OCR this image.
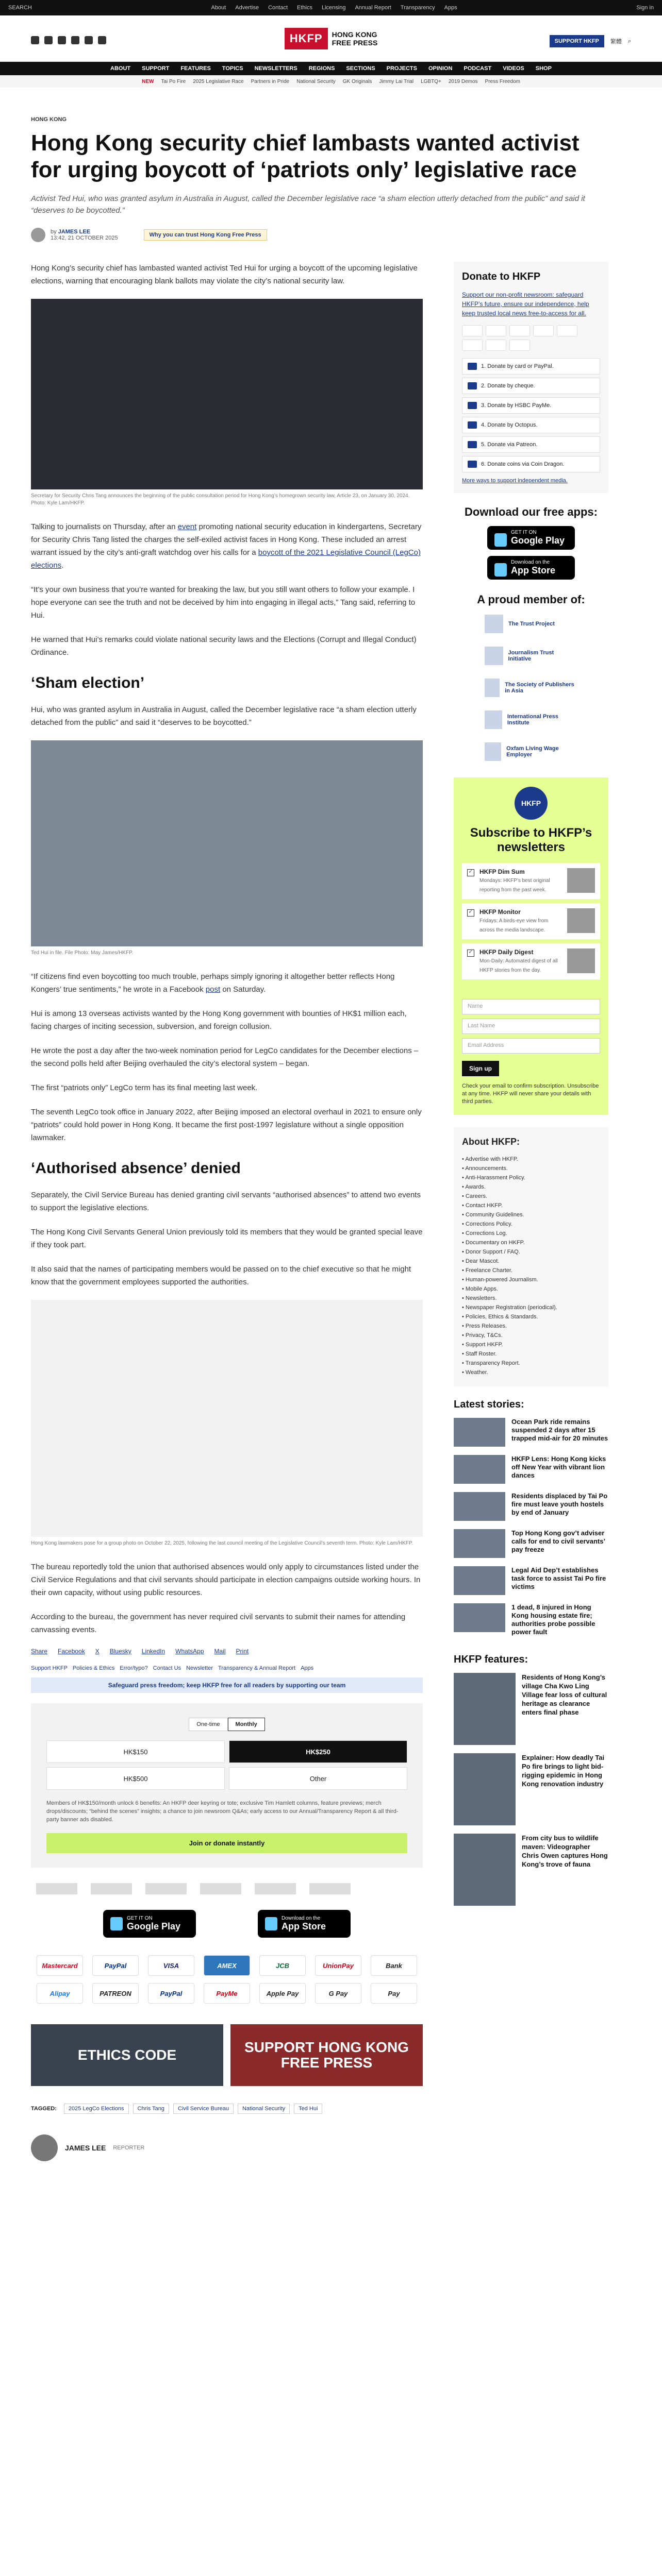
SEARCH	About Advertise Contact Ethics Licensing Annual Report Transparency Apps	Sign in
HKFP	HONG KONG
FREE PRESS	SUPPORT HKFP	繁體 ⌕
ABOUT SUPPORT FEATURES TOPICS NEWSLETTERS REGIONS SECTIONS PROJECTS OPINION PODCAST VIDEOS SHOP
NEW Tai Po Fire 2025 Legislative Race Partners in Pride National Security GK Originals Jimmy Lai Trial LGBTQ+ 2019 Demos Press Freedom
HONG KONG
Hong Kong security chief lambasts wanted activist for urging boycott of ‘patriots only’ legislative race
Activist Ted Hui, who was granted asylum in Australia in August, called the December legislative race “a sham election utterly detached from the public” and said it “deserves to be boycotted.”
by JAMES LEE
13:42, 21 OCTOBER 2025	Why you can trust Hong Kong Free Press

Hong Kong’s security chief has lambasted wanted activist Ted Hui for urging a boycott of the upcoming legislative elections, warning that encouraging blank ballots may violate the city’s national security law.

Secretary for Security Chris Tang announces the beginning of the public consultation period for Hong Kong’s homegrown security law, Article 23, on January 30, 2024. Photo: Kyle Lam/HKFP.

Talking to journalists on Thursday, after an event promoting national security education in kindergartens, Secretary for Security Chris Tang listed the charges the self-exiled activist faces in Hong Kong. These included an arrest warrant issued by the city’s anti-graft watchdog over his calls for a boycott of the 2021 Legislative Council (LegCo) elections.

“It’s your own business that you’re wanted for breaking the law, but you still want others to follow your example. I hope everyone can see the truth and not be deceived by him into engaging in illegal acts,” Tang said, referring to Hui.

He warned that Hui’s remarks could violate national security laws and the Elections (Corrupt and Illegal Conduct) Ordinance.

‘Sham election’

Hui, who was granted asylum in Australia in August, called the December legislative race “a sham election utterly detached from the public” and said it “deserves to be boycotted.”

Ted Hui in file. File Photo: May James/HKFP.

“If citizens find even boycotting too much trouble, perhaps simply ignoring it altogether better reflects Hong Kongers’ true sentiments,” he wrote in a Facebook post on Saturday.

Hui is among 13 overseas activists wanted by the Hong Kong government with bounties of HK$1 million each, facing charges of inciting secession, subversion, and foreign collusion.

He wrote the post a day after the two-week nomination period for LegCo candidates for the December elections – the second polls held after Beijing overhauled the city’s electoral system – began.

The first “patriots only” LegCo term has its final meeting last week.

The seventh LegCo took office in January 2022, after Beijing imposed an electoral overhaul in 2021 to ensure only “patriots” could hold power in Hong Kong. It became the first post-1997 legislature without a single opposition lawmaker.

‘Authorised absence’ denied

Separately, the Civil Service Bureau has denied granting civil servants “authorised absences” to attend two events to support the legislative elections.

The Hong Kong Civil Servants General Union previously told its members that they would be granted special leave if they took part.

It also said that the names of participating members would be passed on to the chief executive so that he might know that the government employees supported the authorities.

Hong Kong lawmakers pose for a group photo on October 22, 2025, following the last council meeting of the Legislative Council’s seventh term. Photo: Kyle Lam/HKFP.

The bureau reportedly told the union that authorised absences would only apply to circumstances listed under the Civil Service Regulations and that civil servants should participate in election campaigns outside working hours. In their own capacity, without using public resources.

According to the bureau, the government has never required civil servants to submit their names for attending canvassing events.

Share Facebook X Bluesky LinkedIn WhatsApp Mail Print
Support HKFP Policies & Ethics Error/typo? Contact Us Newsletter Transparency & Annual Report Apps
Safeguard press freedom; keep HKFP free for all readers by supporting our team
One-time	Monthly
HK$150	HK$250
HK$500	Other
Members of HK$150/month unlock 6 benefits: An HKFP deer keyring or tote; exclusive Tim Hamlett columns, feature previews; merch drops/discounts; “behind the scenes” insights; a chance to join newsroom Q&As; early access to our Annual/Transparency Report & all third-party banner ads disabled.
Join or donate instantly
GET IT ON
Google Play
Download on the
App Store
Mastercard	PayPal	VISA	AMEX	JCB	UnionPay	Bank
Alipay	PATREON	PayPal	PayMe	Apple Pay	G Pay	Pay
ETHICS CODE	SUPPORT HONG KONG FREE PRESS
TAGGED:	2025 LegCo Elections	Chris Tang	Civil Service Bureau	National Security	Ted Hui
JAMES LEE REPORTER
Donate to HKFP
Support our non-profit newsroom: safeguard HKFP’s future, ensure our independence, help keep trusted local news free-to-access for all.
1. Donate by card or PayPal.
2. Donate by cheque.
3. Donate by HSBC PayMe.
4. Donate by Octopus.
5. Donate via Patreon.
6. Donate coins via Coin Dragon.
More ways to support independent media.
Download our free apps:
GET IT ON
Google Play
Download on the
App Store
A proud member of:
The Trust Project
Journalism Trust Initiative
The Society of Publishers in Asia
International Press Institute
Oxfam Living Wage Employer
HKFP
Subscribe to HKFP’s newsletters
✓
HKFP Dim Sum
Mondays: HKFP’s best original reporting from the past week.
✓
HKFP Monitor
Fridays: A birds-eye view from across the media landscape.
✓
HKFP Daily Digest
Mon-Daily: Automated digest of all HKFP stories from the day.
Name
Last Name
Email Address
Sign up
Check your email to confirm subscription. Unsubscribe at any time. HKFP will never share your details with third parties.
About HKFP:
• Advertise with HKFP.
• Announcements.
• Anti-Harassment Policy.
• Awards.
• Careers.
• Contact HKFP.
• Community Guidelines.
• Corrections Policy.
• Corrections Log.
• Documentary on HKFP.
• Donor Support / FAQ.
• Dear Mascot.
• Freelance Charter.
• Human-powered Journalism.
• Mobile Apps.
• Newsletters.
• Newspaper Registration (periodical).
• Policies, Ethics & Standards.
• Press Releases.
• Privacy, T&Cs.
• Support HKFP.
• Staff Roster.
• Transparency Report.
• Weather.
Latest stories:
Ocean Park ride remains suspended 2 days after 15 trapped mid-air for 20 minutes
HKFP Lens: Hong Kong kicks off New Year with vibrant lion dances
Residents displaced by Tai Po fire must leave youth hostels by end of January
Top Hong Kong gov’t adviser calls for end to civil servants’ pay freeze
Legal Aid Dep’t establishes task force to assist Tai Po fire victims
1 dead, 8 injured in Hong Kong housing estate fire; authorities probe possible power fault
HKFP features:
Residents of Hong Kong’s village Cha Kwo Ling Village fear loss of cultural heritage as clearance enters final phase
Explainer: How deadly Tai Po fire brings to light bid-rigging epidemic in Hong Kong renovation industry
From city bus to wildlife maven: Videographer Chris Owen captures Hong Kong’s trove of fauna
